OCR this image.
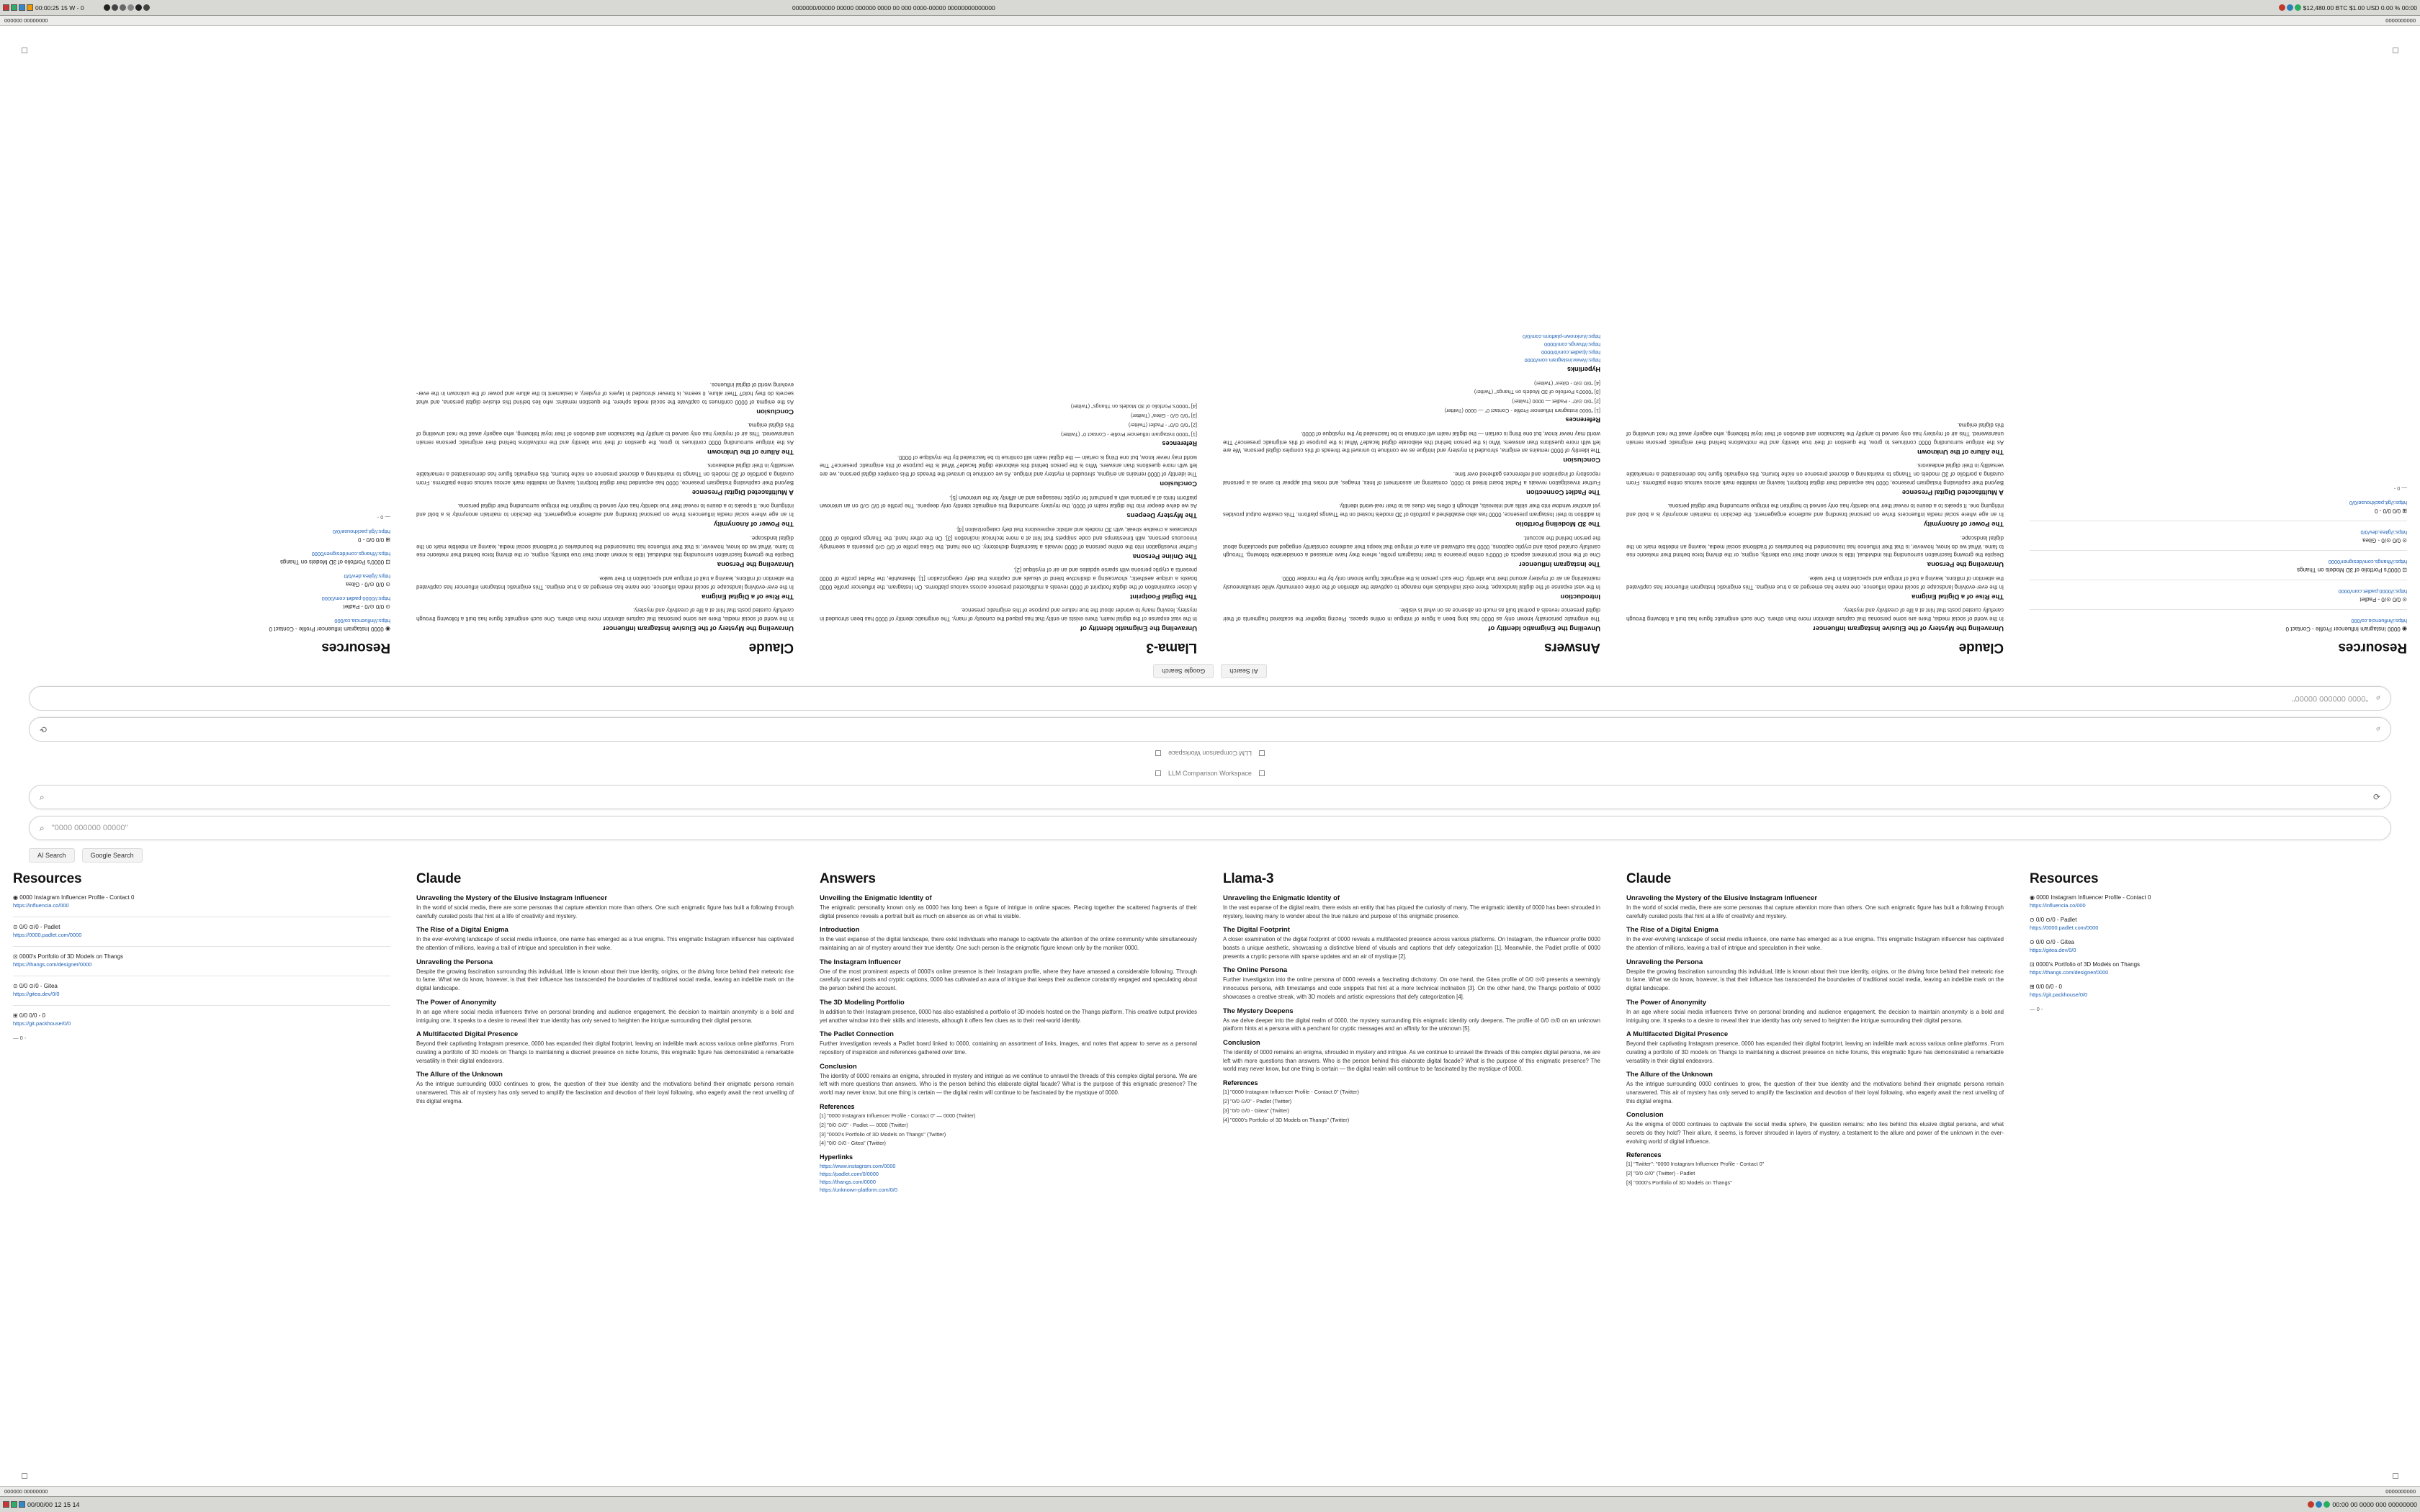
00:00:25 15 W - 0	0000000/00000 00000 000000 0000 00 000 0000-00000 00000000000000	$12,480.00 BTC $1.00 USD 0.00 % 00:00
000000 00000000	0000000000
LLM Comparison Workspace
⌕
⟳
⌕
"0000 000000 00000"
AI Search
Google Search
Resources
◉ 0000 Instagram Influencer Profile - Contact 0
https://influencia.co/000
⊙ 0/0 ⊙/0 - Padlet
https://0000.padlet.com/0000
⊡ 0000's Portfolio of 3D Models on Thangs
https://thangs.com/designer/0000
⊙ 0/0 ⊙/0 - Gitea
https://gitea.dev/0/0
⊞ 0/0 0/0 - 0
https://git.packhouse/0/0
— 0 -
Claude
Unraveling the Mystery of the Elusive Instagram Influencer

In the world of social media, there are some personas that capture attention more than others. One such enigmatic figure has built a following through carefully curated posts that hint at a life of creativity and mystery.

The Rise of a Digital Enigma

In the ever-evolving landscape of social media influence, one name has emerged as a true enigma. This enigmatic Instagram influencer has captivated the attention of millions, leaving a trail of intrigue and speculation in their wake.

Unraveling the Persona

Despite the growing fascination surrounding this individual, little is known about their true identity, origins, or the driving force behind their meteoric rise to fame. What we do know, however, is that their influence has transcended the boundaries of traditional social media, leaving an indelible mark on the digital landscape.

The Power of Anonymity

In an age where social media influencers thrive on personal branding and audience engagement, the decision to maintain anonymity is a bold and intriguing one. It speaks to a desire to reveal their true identity has only served to heighten the intrigue surrounding their digital persona.

A Multifaceted Digital Presence

Beyond their captivating Instagram presence, 0000 has expanded their digital footprint, leaving an indelible mark across various online platforms. From curating a portfolio of 3D models on Thangs to maintaining a discreet presence on niche forums, this enigmatic figure has demonstrated a remarkable versatility in their digital endeavors.

The Allure of the Unknown

As the intrigue surrounding 0000 continues to grow, the question of their true identity and the motivations behind their enigmatic persona remain unanswered. This air of mystery has only served to amplify the fascination and devotion of their loyal following, who eagerly await the next unveiling of this digital enigma.

Answers
Unveiling the Enigmatic Identity of

The enigmatic personality known only as 0000 has long been a figure of intrigue in online spaces. Piecing together the scattered fragments of their digital presence reveals a portrait built as much on absence as on what is visible.

Introduction

In the vast expanse of the digital landscape, there exist individuals who manage to captivate the attention of the online community while simultaneously maintaining an air of mystery around their true identity. One such person is the enigmatic figure known only by the moniker 0000.

The Instagram Influencer

One of the most prominent aspects of 0000's online presence is their Instagram profile, where they have amassed a considerable following. Through carefully curated posts and cryptic captions, 0000 has cultivated an aura of intrigue that keeps their audience constantly engaged and speculating about the person behind the account.

The 3D Modeling Portfolio

In addition to their Instagram presence, 0000 has also established a portfolio of 3D models hosted on the Thangs platform. This creative output provides yet another window into their skills and interests, although it offers few clues as to their real-world identity.

The Padlet Connection

Further investigation reveals a Padlet board linked to 0000, containing an assortment of links, images, and notes that appear to serve as a personal repository of inspiration and references gathered over time.

Conclusion

The identity of 0000 remains an enigma, shrouded in mystery and intrigue as we continue to unravel the threads of this complex digital persona. We are left with more questions than answers. Who is the person behind this elaborate digital facade? What is the purpose of this enigmatic presence? The world may never know, but one thing is certain — the digital realm will continue to be fascinated by the mystique of 0000.

References
[1] "0000 Instagram Influencer Profile - Contact 0" — 0000 (Twitter)
[2] "0/0 ⊙/0" - Padlet — 0000 (Twitter)
[3] "0000's Portfolio of 3D Models on Thangs" (Twitter)
[4] "0/0 ⊙/0 - Gitea" (Twitter)
Hyperlinks
https://www.instagram.com/0000
https://padlet.com/0/0000
https://thangs.com/0000
https://unknown-platform.com/0/0
Llama-3
Unraveling the Enigmatic Identity of

In the vast expanse of the digital realm, there exists an entity that has piqued the curiosity of many. The enigmatic identity of 0000 has been shrouded in mystery, leaving many to wonder about the true nature and purpose of this enigmatic presence.

The Digital Footprint

A closer examination of the digital footprint of 0000 reveals a multifaceted presence across various platforms. On Instagram, the influencer profile 0000 boasts a unique aesthetic, showcasing a distinctive blend of visuals and captions that defy categorization [1]. Meanwhile, the Padlet profile of 0000 presents a cryptic persona with sparse updates and an air of mystique [2].

The Online Persona

Further investigation into the online persona of 0000 reveals a fascinating dichotomy. On one hand, the Gitea profile of 0/0 ⊙/0 presents a seemingly innocuous persona, with timestamps and code snippets that hint at a more technical inclination [3]. On the other hand, the Thangs portfolio of 0000 showcases a creative streak, with 3D models and artistic expressions that defy categorization [4].

The Mystery Deepens

As we delve deeper into the digital realm of 0000, the mystery surrounding this enigmatic identity only deepens. The profile of 0/0 ⊙/0 on an unknown platform hints at a persona with a penchant for cryptic messages and an affinity for the unknown [5].

Conclusion

The identity of 0000 remains an enigma, shrouded in mystery and intrigue. As we continue to unravel the threads of this complex digital persona, we are left with more questions than answers. Who is the person behind this elaborate digital facade? What is the purpose of this enigmatic presence? The world may never know, but one thing is certain — the digital realm will continue to be fascinated by the mystique of 0000.

References
[1] "0000 Instagram Influencer Profile - Contact 0" (Twitter)
[2] "0/0 ⊙/0" - Padlet (Twitter)
[3] "0/0 ⊙/0 - Gitea" (Twitter)
[4] "0000's Portfolio of 3D Models on Thangs" (Twitter)
Claude
Unraveling the Mystery of the Elusive Instagram Influencer

In the world of social media, there are some personas that capture attention more than others. One such enigmatic figure has built a following through carefully curated posts that hint at a life of creativity and mystery.

The Rise of a Digital Enigma

In the ever-evolving landscape of social media influence, one name has emerged as a true enigma. This enigmatic Instagram influencer has captivated the attention of millions, leaving a trail of intrigue and speculation in their wake.

Unraveling the Persona

Despite the growing fascination surrounding this individual, little is known about their true identity, origins, or the driving force behind their meteoric rise to fame. What we do know, however, is that their influence has transcended the boundaries of traditional social media, leaving an indelible mark on the digital landscape.

The Power of Anonymity

In an age where social media influencers thrive on personal branding and audience engagement, the decision to maintain anonymity is a bold and intriguing one. It speaks to a desire to reveal their true identity has only served to heighten the intrigue surrounding their digital persona.

A Multifaceted Digital Presence

Beyond their captivating Instagram presence, 0000 has expanded their digital footprint, leaving an indelible mark across various online platforms. From curating a portfolio of 3D models on Thangs to maintaining a discreet presence on niche forums, this enigmatic figure has demonstrated a remarkable versatility in their digital endeavors.

The Allure of the Unknown

As the intrigue surrounding 0000 continues to grow, the question of their true identity and the motivations behind their enigmatic persona remain unanswered. This air of mystery has only served to amplify the fascination and devotion of their loyal following, who eagerly await the next unveiling of this digital enigma.

Conclusion

As the enigma of 0000 continues to captivate the social media sphere, the question remains: who lies behind this elusive digital persona, and what secrets do they hold? Their allure, it seems, is forever shrouded in layers of mystery, a testament to the allure and power of the unknown in the ever-evolving world of digital influence.

Resources
◉ 0000 Instagram Influencer Profile - Contact 0
https://influencia.co/000
⊙ 0/0 ⊙/0 - Padlet
https://0000.padlet.com/0000
⊙ 0/0 ⊙/0 - Gitea
https://gitea.dev/0/0
⊡ 0000's Portfolio of 3D Models on Thangs
https://thangs.com/designer/0000
⊞ 0/0 0/0 - 0
https://git.packhouse/0/0
— 0 -
LLM Comparison Workspace
⌕	⟳
⌕ "0000 000000 00000"
AI Search	Google Search
Resources
◉ 0000 Instagram Influencer Profile - Contact 0
https://influencia.co/000
⊙ 0/0 ⊙/0 - Padlet
https://0000.padlet.com/0000
⊡ 0000's Portfolio of 3D Models on Thangs
https://thangs.com/designer/0000
⊙ 0/0 ⊙/0 - Gitea
https://gitea.dev/0/0
⊞ 0/0 0/0 - 0
https://git.packhouse/0/0
— 0 -
Claude
Unraveling the Mystery of the Elusive Instagram Influencer

In the world of social media, there are some personas that capture attention more than others. One such enigmatic figure has built a following through carefully curated posts that hint at a life of creativity and mystery.

The Rise of a Digital Enigma

In the ever-evolving landscape of social media influence, one name has emerged as a true enigma. This enigmatic Instagram influencer has captivated the attention of millions, leaving a trail of intrigue and speculation in their wake.

Unraveling the Persona

Despite the growing fascination surrounding this individual, little is known about their true identity, origins, or the driving force behind their meteoric rise to fame. What we do know, however, is that their influence has transcended the boundaries of traditional social media, leaving an indelible mark on the digital landscape.

The Power of Anonymity

In an age where social media influencers thrive on personal branding and audience engagement, the decision to maintain anonymity is a bold and intriguing one. It speaks to a desire to reveal their true identity has only served to heighten the intrigue surrounding their digital persona.

A Multifaceted Digital Presence

Beyond their captivating Instagram presence, 0000 has expanded their digital footprint, leaving an indelible mark across various online platforms. From curating a portfolio of 3D models on Thangs to maintaining a discreet presence on niche forums, this enigmatic figure has demonstrated a remarkable versatility in their digital endeavors.

The Allure of the Unknown

As the intrigue surrounding 0000 continues to grow, the question of their true identity and the motivations behind their enigmatic persona remain unanswered. This air of mystery has only served to amplify the fascination and devotion of their loyal following, who eagerly await the next unveiling of this digital enigma.

Answers
Unveiling the Enigmatic Identity of

The enigmatic personality known only as 0000 has long been a figure of intrigue in online spaces. Piecing together the scattered fragments of their digital presence reveals a portrait built as much on absence as on what is visible.

Introduction

In the vast expanse of the digital landscape, there exist individuals who manage to captivate the attention of the online community while simultaneously maintaining an air of mystery around their true identity. One such person is the enigmatic figure known only by the moniker 0000.

The Instagram Influencer

One of the most prominent aspects of 0000's online presence is their Instagram profile, where they have amassed a considerable following. Through carefully curated posts and cryptic captions, 0000 has cultivated an aura of intrigue that keeps their audience constantly engaged and speculating about the person behind the account.

The 3D Modeling Portfolio

In addition to their Instagram presence, 0000 has also established a portfolio of 3D models hosted on the Thangs platform. This creative output provides yet another window into their skills and interests, although it offers few clues as to their real-world identity.

The Padlet Connection

Further investigation reveals a Padlet board linked to 0000, containing an assortment of links, images, and notes that appear to serve as a personal repository of inspiration and references gathered over time.

Conclusion

The identity of 0000 remains an enigma, shrouded in mystery and intrigue as we continue to unravel the threads of this complex digital persona. We are left with more questions than answers. Who is the person behind this elaborate digital facade? What is the purpose of this enigmatic presence? The world may never know, but one thing is certain — the digital realm will continue to be fascinated by the mystique of 0000.

References
[1] "0000 Instagram Influencer Profile - Contact 0" — 0000 (Twitter)
[2] "0/0 ⊙/0" - Padlet — 0000 (Twitter)
[3] "0000's Portfolio of 3D Models on Thangs" (Twitter)
[4] "0/0 ⊙/0 - Gitea" (Twitter)
Hyperlinks
https://www.instagram.com/0000
https://padlet.com/0/0000
https://thangs.com/0000
https://unknown-platform.com/0/0
Llama-3
Unraveling the Enigmatic Identity of

In the vast expanse of the digital realm, there exists an entity that has piqued the curiosity of many. The enigmatic identity of 0000 has been shrouded in mystery, leaving many to wonder about the true nature and purpose of this enigmatic presence.

The Digital Footprint

A closer examination of the digital footprint of 0000 reveals a multifaceted presence across various platforms. On Instagram, the influencer profile 0000 boasts a unique aesthetic, showcasing a distinctive blend of visuals and captions that defy categorization [1]. Meanwhile, the Padlet profile of 0000 presents a cryptic persona with sparse updates and an air of mystique [2].

The Online Persona

Further investigation into the online persona of 0000 reveals a fascinating dichotomy. On one hand, the Gitea profile of 0/0 ⊙/0 presents a seemingly innocuous persona, with timestamps and code snippets that hint at a more technical inclination [3]. On the other hand, the Thangs portfolio of 0000 showcases a creative streak, with 3D models and artistic expressions that defy categorization [4].

The Mystery Deepens

As we delve deeper into the digital realm of 0000, the mystery surrounding this enigmatic identity only deepens. The profile of 0/0 ⊙/0 on an unknown platform hints at a persona with a penchant for cryptic messages and an affinity for the unknown [5].

Conclusion

The identity of 0000 remains an enigma, shrouded in mystery and intrigue. As we continue to unravel the threads of this complex digital persona, we are left with more questions than answers. Who is the person behind this elaborate digital facade? What is the purpose of this enigmatic presence? The world may never know, but one thing is certain — the digital realm will continue to be fascinated by the mystique of 0000.

References
[1] "0000 Instagram Influencer Profile - Contact 0" (Twitter)
[2] "0/0 ⊙/0" - Padlet (Twitter)
[3] "0/0 ⊙/0 - Gitea" (Twitter)
[4] "0000's Portfolio of 3D Models on Thangs" (Twitter)
Claude
Unraveling the Mystery of the Elusive Instagram Influencer

In the world of social media, there are some personas that capture attention more than others. One such enigmatic figure has built a following through carefully curated posts that hint at a life of creativity and mystery.

The Rise of a Digital Enigma

In the ever-evolving landscape of social media influence, one name has emerged as a true enigma. This enigmatic Instagram influencer has captivated the attention of millions, leaving a trail of intrigue and speculation in their wake.

Unraveling the Persona

Despite the growing fascination surrounding this individual, little is known about their true identity, origins, or the driving force behind their meteoric rise to fame. What we do know, however, is that their influence has transcended the boundaries of traditional social media, leaving an indelible mark on the digital landscape.

The Power of Anonymity

In an age where social media influencers thrive on personal branding and audience engagement, the decision to maintain anonymity is a bold and intriguing one. It speaks to a desire to reveal their true identity has only served to heighten the intrigue surrounding their digital persona.

A Multifaceted Digital Presence

Beyond their captivating Instagram presence, 0000 has expanded their digital footprint, leaving an indelible mark across various online platforms. From curating a portfolio of 3D models on Thangs to maintaining a discreet presence on niche forums, this enigmatic figure has demonstrated a remarkable versatility in their digital endeavors.

The Allure of the Unknown

As the intrigue surrounding 0000 continues to grow, the question of their true identity and the motivations behind their enigmatic persona remain unanswered. This air of mystery has only served to amplify the fascination and devotion of their loyal following, who eagerly await the next unveiling of this digital enigma.

Conclusion

As the enigma of 0000 continues to captivate the social media sphere, the question remains: who lies behind this elusive digital persona, and what secrets do they hold? Their allure, it seems, is forever shrouded in layers of mystery, a testament to the allure and power of the unknown in the ever-evolving world of digital influence.

References
[1] "Twitter": "0000 Instagram Influencer Profile - Contact 0"
[2] "0/0 ⊙/0" (Twitter) - Padlet
[3] "0000's Portfolio of 3D Models on Thangs"
Resources
◉ 0000 Instagram Influencer Profile - Contact 0
https://influencia.co/000
⊙ 0/0 ⊙/0 - Padlet
https://0000.padlet.com/0000
⊙ 0/0 ⊙/0 - Gitea
https://gitea.dev/0/0
⊡ 0000's Portfolio of 3D Models on Thangs
https://thangs.com/designer/0000
⊞ 0/0 0/0 - 0
https://git.packhouse/0/0
— 0 -
000000 00000000	0000000000
00/00/00 12 15 14	00:00 00 0000 000 00000000
